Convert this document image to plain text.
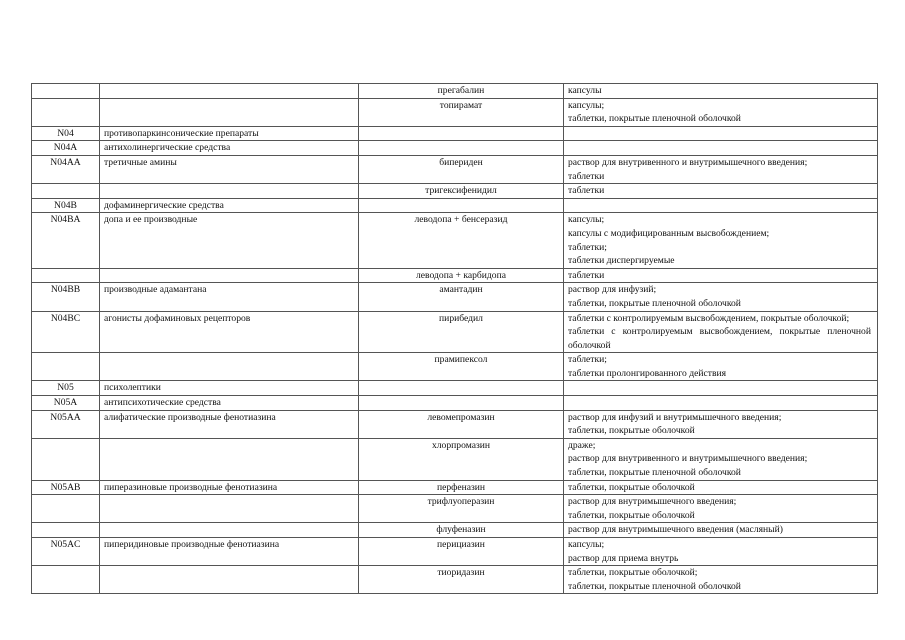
		прегабалин	капсулы

		топирамат	капсулы;
таблетки, покрытые пленочной оболочкой

N04	противопаркинсонические препараты		
N04A	антихолинергические средства		
N04AA	третичные амины	бипериден	раствор для внутривенного и внутримышечного введения;
таблетки

		тригексифенидил	таблетки

N04B	дофаминергические средства		
N04BA	допа и ее производные	леводопа + бенсеразид	капсулы;
капсулы с модифицированным высвобождением;
таблетки;
таблетки диспергируемые

		леводопа + карбидопа	таблетки

N04BB	производные адамантана	амантадин	раствор для инфузий;
таблетки, покрытые пленочной оболочкой

N04BC	агонисты дофаминовых рецепторов	пирибедил	таблетки с контролируемым высвобождением, покрытые оболочкой;
таблетки с контролируемым высвобождением, покрытые пленочной оболочкой

		прамипексол	таблетки;
таблетки пролонгированного действия

N05	психолептики		
N05A	антипсихотические средства		
N05AA	алифатические производные фенотиазина	левомепромазин	раствор для инфузий и внутримышечного введения;
таблетки, покрытые оболочкой

		хлорпромазин	драже;
раствор для внутривенного и внутримышечного введения;
таблетки, покрытые пленочной оболочкой

N05AB	пиперазиновые производные фенотиазина	перфеназин	таблетки, покрытые оболочкой

		трифлуоперазин	раствор для внутримышечного введения;
таблетки, покрытые оболочкой

		флуфеназин	раствор для внутримышечного введения (масляный)

N05AC	пиперидиновые производные фенотиазина	перициазин	капсулы;
раствор для приема внутрь

		тиоридазин	таблетки, покрытые оболочкой;
таблетки, покрытые пленочной оболочкой
